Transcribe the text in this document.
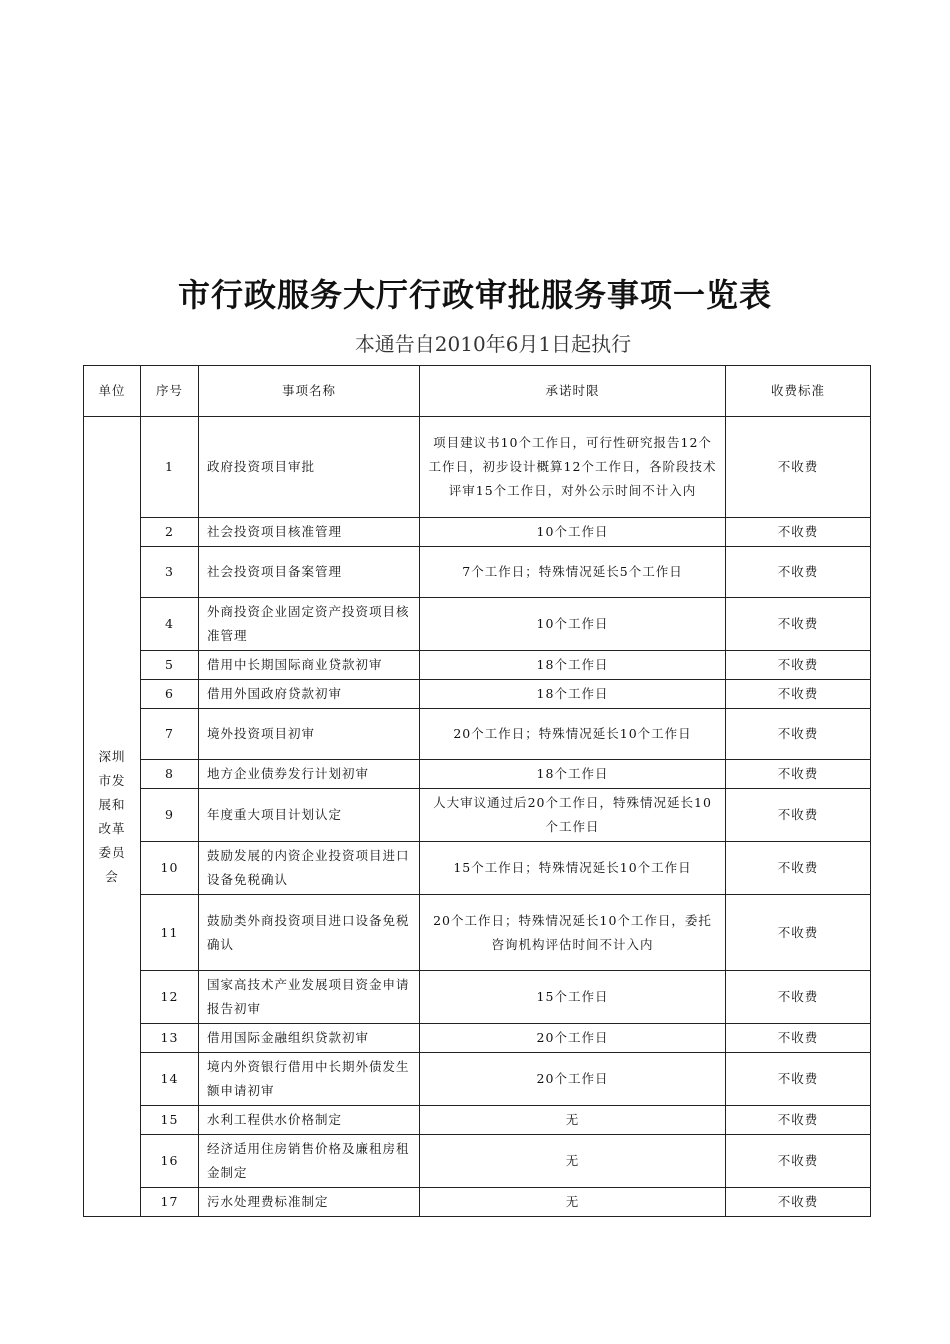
市行政服务大厅行政审批服务事项一览表
本通告自2010年6月1日起执行
单位	序号	事项名称	承诺时限	收费标准
深圳市发展和改革委员会	1	政府投资项目审批	项目建议书10个工作日，可行性研究报告12个工作日，初步设计概算12个工作日，各阶段技术评审15个工作日，对外公示时间不计入内	不收费
	2	社会投资项目核准管理	10个工作日	不收费
	3	社会投资项目备案管理	7个工作日；特殊情况延长5个工作日	不收费
	4	外商投资企业固定资产投资项目核准管理	10个工作日	不收费
	5	借用中长期国际商业贷款初审	18个工作日	不收费
	6	借用外国政府贷款初审	18个工作日	不收费
	7	境外投资项目初审	20个工作日；特殊情况延长10个工作日	不收费
	8	地方企业债券发行计划初审	18个工作日	不收费
	9	年度重大项目计划认定	人大审议通过后20个工作日，特殊情况延长10个工作日	不收费
	10	鼓励发展的内资企业投资项目进口设备免税确认	15个工作日；特殊情况延长10个工作日	不收费
	11	鼓励类外商投资项目进口设备免税确认	20个工作日；特殊情况延长10个工作日，委托咨询机构评估时间不计入内	不收费
	12	国家高技术产业发展项目资金申请报告初审	15个工作日	不收费
	13	借用国际金融组织贷款初审	20个工作日	不收费
	14	境内外资银行借用中长期外债发生额申请初审	20个工作日	不收费
	15	水利工程供水价格制定	无	不收费
	16	经济适用住房销售价格及廉租房租金制定	无	不收费
	17	污水处理费标准制定	无	不收费
